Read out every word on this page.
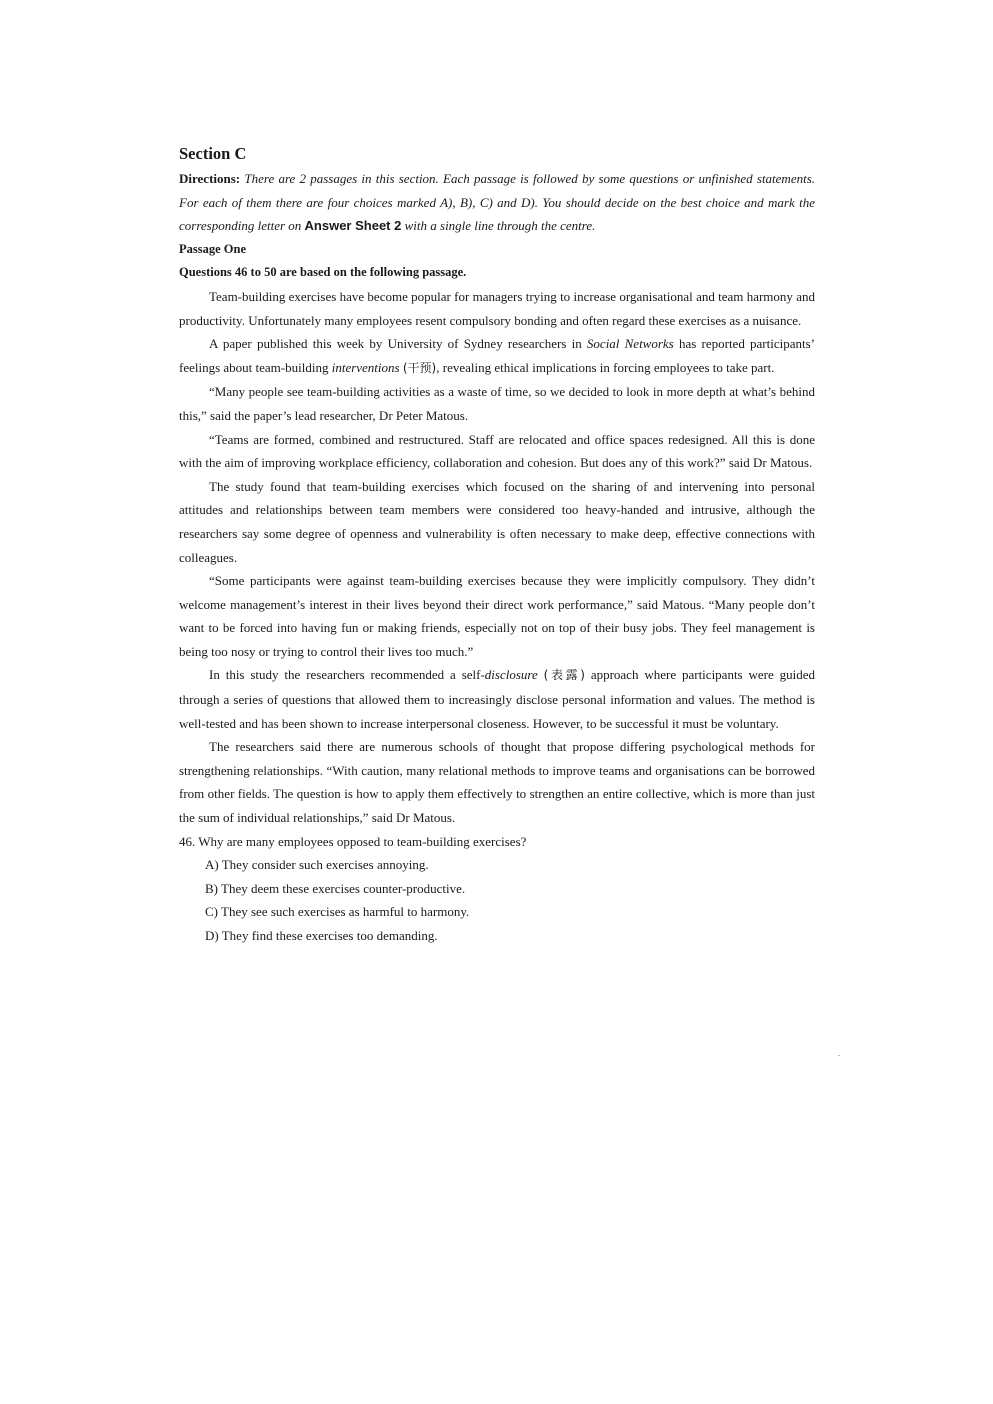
Section C

Directions: There are 2 passages in this section. Each passage is followed by some questions or unfinished statements. For each of them there are four choices marked A), B), C) and D). You should decide on the best choice and mark the corresponding letter on Answer Sheet 2 with a single line through the centre.

Passage One

Questions 46 to 50 are based on the following passage.

Team-building exercises have become popular for managers trying to increase organisational and team harmony and productivity. Unfortunately many employees resent compulsory bonding and often regard these exercises as a nuisance.

A paper published this week by University of Sydney researchers in Social Networks has reported participants’ feelings about team-building interventions (干预), revealing ethical implications in forcing employees to take part.

“Many people see team-building activities as a waste of time, so we decided to look in more depth at what’s behind this,” said the paper’s lead researcher, Dr Peter Matous.

“Teams are formed, combined and restructured. Staff are relocated and office spaces redesigned. All this is done with the aim of improving workplace efficiency, collaboration and cohesion. But does any of this work?” said Dr Matous.

The study found that team-building exercises which focused on the sharing of and intervening into personal attitudes and relationships between team members were considered too heavy-handed and intrusive, although the researchers say some degree of openness and vulnerability is often necessary to make deep, effective connections with colleagues.

“Some participants were against team-building exercises because they were implicitly compulsory. They didn’t welcome management’s interest in their lives beyond their direct work performance,” said Matous. “Many people don’t want to be forced into having fun or making friends, especially not on top of their busy jobs. They feel management is being too nosy or trying to control their lives too much.”

In this study the researchers recommended a self-disclosure (表露) approach where participants were guided through a series of questions that allowed them to increasingly disclose personal information and values. The method is well-tested and has been shown to increase interpersonal closeness. However, to be successful it must be voluntary.

The researchers said there are numerous schools of thought that propose differing psychological methods for strengthening relationships. “With caution, many relational methods to improve teams and organisations can be borrowed from other fields. The question is how to apply them effectively to strengthen an entire collective, which is more than just the sum of individual relationships,” said Dr Matous.

46. Why are many employees opposed to team-building exercises?

A) They consider such exercises annoying.
B) They deem these exercises counter-productive.
C) They see such exercises as harmful to harmony.
D) They find these exercises too demanding.
